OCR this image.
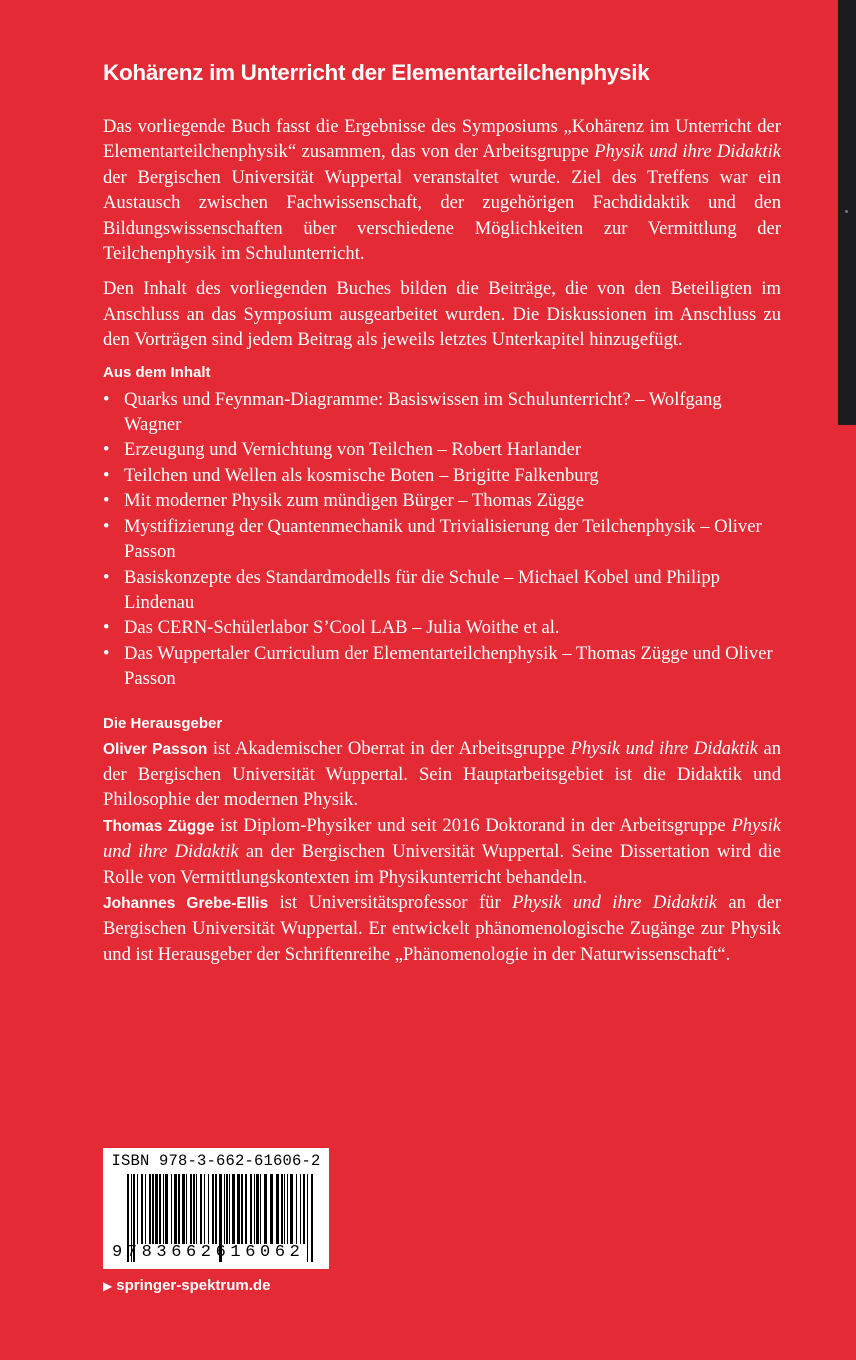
Kohärenz im Unterricht der Elementarteilchenphysik

Das vorliegende Buch fasst die Ergebnisse des Symposiums „Kohärenz im Unterricht der Elementarteilchenphysik“ zusammen, das von der Arbeitsgruppe Physik und ihre Didaktik der Bergischen Universität Wuppertal veranstaltet wurde. Ziel des Treffens war ein Austausch zwischen Fachwissenschaft, der zugehörigen Fachdidaktik und den Bildungswissenschaften über verschiedene Möglichkeiten zur Vermittlung der Teilchenphysik im Schulunterricht.

Den Inhalt des vorliegenden Buches bilden die Beiträge, die von den Beteiligten im Anschluss an das Symposium ausgearbeitet wurden. Die Diskussionen im Anschluss zu den Vorträgen sind jedem Beitrag als jeweils letztes Unterkapitel hinzugefügt.

Aus dem Inhalt
• Quarks und Feynman-Diagramme: Basiswissen im Schulunterricht? – Wolfgang Wagner
• Erzeugung und Vernichtung von Teilchen – Robert Harlander
• Teilchen und Wellen als kosmische Boten – Brigitte Falkenburg
• Mit moderner Physik zum mündigen Bürger – Thomas Zügge
• Mystifizierung der Quantenmechanik und Trivialisierung der Teilchenphysik – Oliver Passon
• Basiskonzepte des Standardmodells für die Schule – Michael Kobel und Philipp Lindenau
• Das CERN-Schülerlabor S’Cool LAB – Julia Woithe et al.
• Das Wuppertaler Curriculum der Elementarteilchenphysik – Thomas Zügge und Oliver Passon
Die Herausgeber

Oliver Passon ist Akademischer Oberrat in der Arbeitsgruppe Physik und ihre Didaktik an der Bergischen Universität Wuppertal. Sein Hauptarbeitsgebiet ist die Didaktik und Philosophie der modernen Physik.

Thomas Zügge ist Diplom-Physiker und seit 2016 Doktorand in der Arbeitsgruppe Physik und ihre Didaktik an der Bergischen Universität Wuppertal. Seine Dissertation wird die Rolle von Vermittlungskontexten im Physikunterricht behandeln.

Johannes Grebe-Ellis ist Universitätsprofessor für Physik und ihre Didaktik an der Bergischen Universität Wuppertal. Er entwickelt phänomenologische Zugänge zur Physik und ist Herausgeber der Schriftenreihe „Phänomenologie in der Naturwissenschaft“.

ISBN 978-3-662-61606-2
9783662616062
▶ springer-spektrum.de
